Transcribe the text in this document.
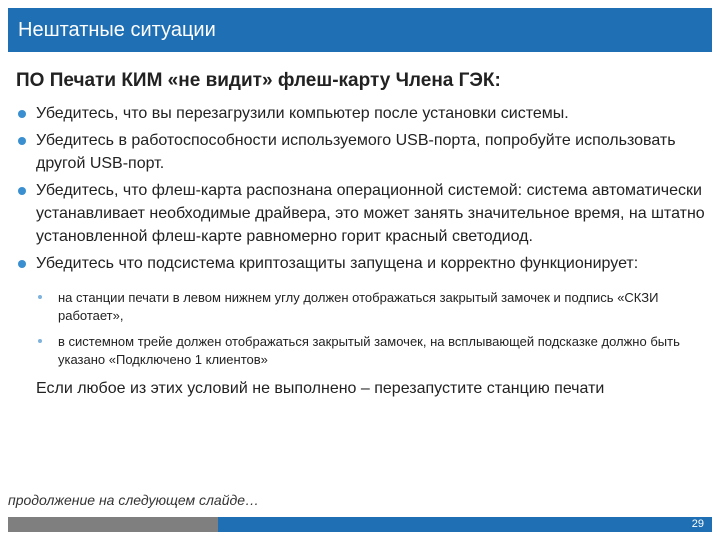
Нештатные ситуации
ПО Печати КИМ «не видит» флеш-карту Члена ГЭК:
Убедитесь, что вы перезагрузили компьютер после установки системы.
Убедитесь в работоспособности используемого USB-порта, попробуйте использовать другой USB-порт.
Убедитесь, что флеш-карта распознана операционной системой: система автоматически устанавливает необходимые драйвера, это может занять значительное время, на штатно установленной флеш-карте равномерно горит красный светодиод.
Убедитесь что подсистема криптозащиты запущена и корректно функционирует:
на станции печати в левом нижнем углу должен отображаться закрытый замочек и подпись «СКЗИ работает»,
в системном трейе должен отображаться закрытый замочек, на всплывающей подсказке должно быть указано «Подключено 1 клиентов»
Если любое из этих условий не выполнено – перезапустите станцию печати
продолжение на следующем слайде…
29
